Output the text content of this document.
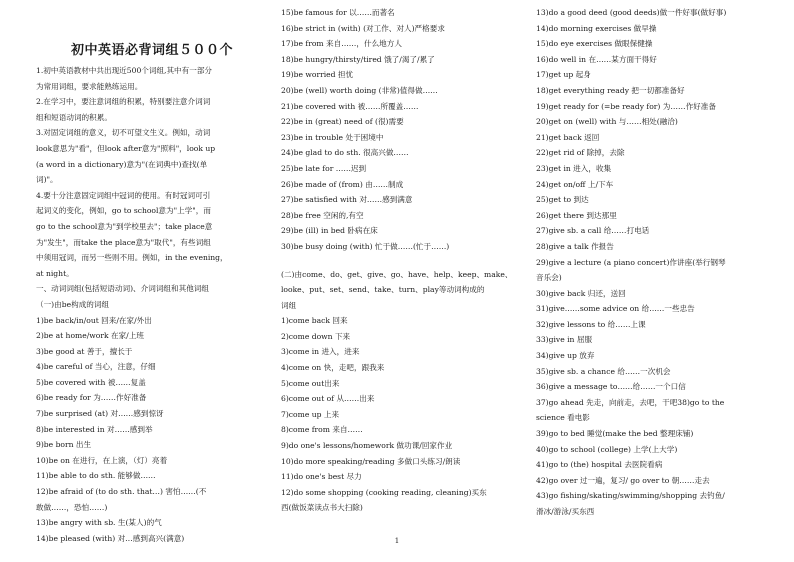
初中英语必背词组５００个
1.初中英语教材中共出现近500个词组,其中有一部分
为常用词组，要求能熟练运用。
2.在学习中，要注意词组的积累，特别要注意介词词
组和短语动词的积累。
3.对固定词组的意义，切不可望文生义。例如，动词
look意思为"看"，但look after意为"照料"，look up
(a word in a dictionary)意为"(在词典中)查找(单
词)"。
4.要十分注意固定词组中冠词的使用。有时冠词可引
起词义的变化，例如，go to school意为"上学"，而
go to the school意为"到学校里去"；take place意
为"发生"，而take the place意为"取代"，有些词组
中须用冠词，而另一些则不用。例如，in the evening，
at night。
一、动词词组(包括短语动词)、介词词组和其他词组
（一)由be构成的词组
1)be back/in/out 回来/在家/外出
2)be at home/work 在家/上班
3)be good at 善于，擅长于
4)be careful of 当心，注意，仔细
5)be covered with 被……复盖
6)be ready for 为……作好准备
7)be surprised (at) 对……感到惊讶
8)be interested in 对……感到举
9)be born 出生
10)be on 在进行，在上演，（灯）亮着
11)be able to do sth. 能够做……
12)be afraid of (to do sth. that…) 害怕……(不
敢做……，恐怕……)
13)be angry with sb. 生(某人)的气
14)be pleased (with) 对…感到高兴(满意)
15)be famous for 以……而著名
16)be strict in (with) (对工作、对人)严格要求
17)be from 来自……，什么地方人
18)be hungry/thirsty/tired 饿了/渴了/累了
19)be worried 担忧
20)be (well) worth doing (非常)值得做……
21)be covered with 被……所覆盖……
22)be in (great) need of (很)需要
23)be in trouble 处于困境中
24)be glad to do sth. 很高兴做……
25)be late for ……迟到
26)be made of (from) 由……制成
27)be satisfied with 对……感到满意
28)be free 空闲的,有空
29)be (ill) in bed 卧病在床
30)be busy doing (with) 忙于做……(忙于……)
(二)由come、do、get、give、go、have、help、keep、make、
looke、put、set、send、take、turn、play等动词构成的
词组
1)come back 回来
2)come down 下来
3)come in 进入，进来
4)come on 快，走吧，跟我来
5)come out出来
6)come out of 从……出来
7)come up 上来
8)come from 来自……
9)do one's lessons/homework 做功课/回家作业
10)do more speaking/reading 多做口头练习/朗读
11)do one's best 尽力
12)do some shopping (cooking reading, cleaning)买东
西(做饭菜读点书大扫除)
13)do a good deed (good deeds)做一件好事(做好事)
14)do morning exercises 做早操
15)do eye exercises 做眼保健操
16)do well in 在……某方面干得好
17)get up 起身
18)get everything ready 把一切都准备好
19)get ready for (=be ready for) 为……作好准备
20)get on (well) with 与……相处(融洽)
21)get back 返回
22)get rid of 除掉，去除
23)get in 进入，收集
24)get on/off 上/下车
25)get to 到达
26)get there 到达那里
27)give sb. a call 给……打电话
28)give a talk 作报告
29)give a lecture (a piano concert)作讲座(举行钢琴
音乐会)
30)give back 归还，送回
31)give……some advice on 给……一些忠告
32)give lessons to 给……上课
33)give in 屈服
34)give up 放弃
35)give sb. a chance 给……一次机会
36)give a message to……给……一个口信
37)go ahead 先走，向前走，去吧，干吧38)go to the
science 看电影
39)go to bed 睡觉(make the bed 整理床铺)
40)go to school (college) 上学(上大学)
41)go to (the) hospital 去医院看病
42)go over 过一遍，复习/ go over to 朝……走去
43)go fishing/skating/swimming/shopping 去钓鱼/
滑冰/游泳/买东西
1
